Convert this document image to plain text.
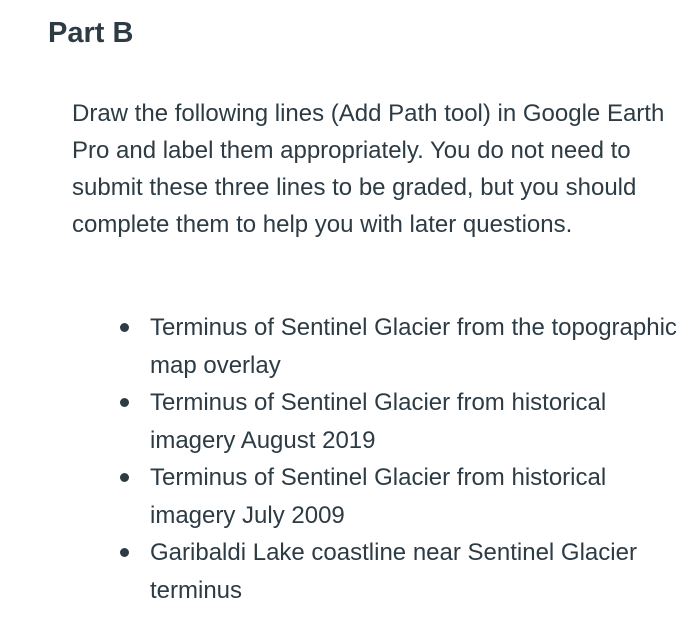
Part B

Draw the following lines (Add Path tool) in Google Earth Pro and label them appropriately. You do not need to submit these three lines to be graded, but you should complete them to help you with later questions.

Terminus of Sentinel Glacier from the topographic map overlay
Terminus of Sentinel Glacier from historical imagery August 2019
Terminus of Sentinel Glacier from historical imagery July 2009
Garibaldi Lake coastline near Sentinel Glacier terminus
